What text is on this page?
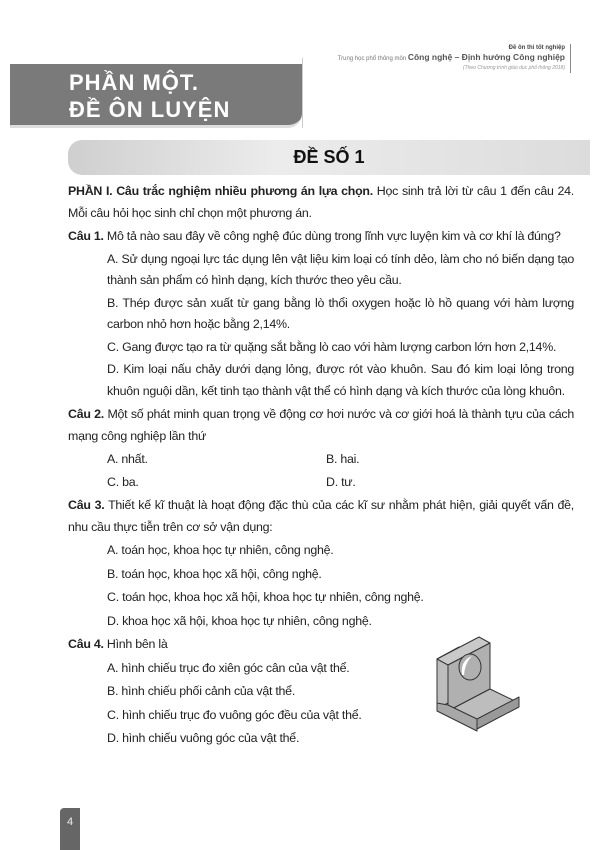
Đề ôn thi tốt nghiệp
Trung học phổ thông môn Công nghệ – Định hướng Công nghiệp
(Theo Chương trình giáo dục phổ thông 2018)
PHẦN MỘT.
ĐỀ ÔN LUYỆN
ĐỀ SỐ 1

PHẦN I. Câu trắc nghiệm nhiều phương án lựa chọn. Học sinh trả lời từ câu 1 đến câu 24. Mỗi câu hỏi học sinh chỉ chọn một phương án.

Câu 1. Mô tả nào sau đây về công nghệ đúc dùng trong lĩnh vực luyện kim và cơ khí là đúng?

A. Sử dụng ngoại lực tác dụng lên vật liệu kim loại có tính dẻo, làm cho nó biến dạng tạo thành sản phẩm có hình dạng, kích thước theo yêu cầu.

B. Thép được sản xuất từ gang bằng lò thổi oxygen hoặc lò hồ quang với hàm lượng carbon nhỏ hơn hoặc bằng 2,14%.

C. Gang được tạo ra từ quặng sắt bằng lò cao với hàm lượng carbon lớn hơn 2,14%.

D. Kim loại nấu chảy dưới dạng lỏng, được rót vào khuôn. Sau đó kim loại lỏng trong khuôn nguội dần, kết tinh tạo thành vật thể có hình dạng và kích thước của lòng khuôn.

Câu 2. Một số phát minh quan trọng về động cơ hơi nước và cơ giới hoá là thành tựu của cách mạng công nghiệp lần thứ

A. nhất.	B. hai.

C. ba.	D. tư.

Câu 3. Thiết kế kĩ thuật là hoạt động đặc thù của các kĩ sư nhằm phát hiện, giải quyết vấn đề, nhu cầu thực tiễn trên cơ sở vận dụng:

A. toán học, khoa học tự nhiên, công nghệ.

B. toán học, khoa học xã hội, công nghệ.

C. toán học, khoa học xã hội, khoa học tự nhiên, công nghệ.

D. khoa học xã hội, khoa học tự nhiên, công nghệ.

Câu 4. Hình bên là

A. hình chiếu trục đo xiên góc cân của vật thể.

B. hình chiếu phối cảnh của vật thể.

C. hình chiếu trục đo vuông góc đều của vật thể.

D. hình chiếu vuông góc của vật thể.

4
